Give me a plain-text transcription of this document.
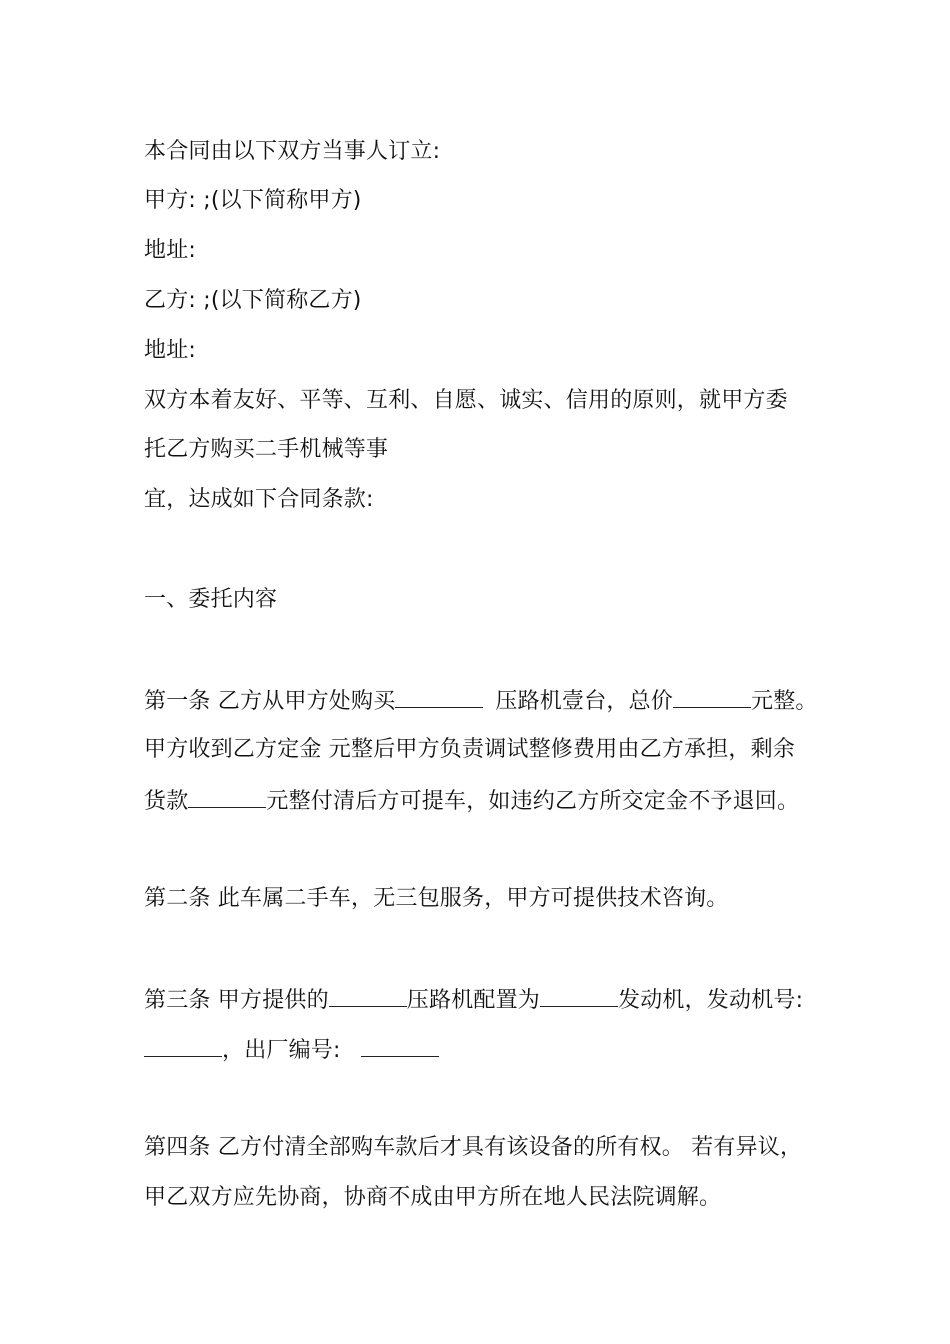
本合同由以下双方当事人订立:
甲方: ;(以下简称甲方)
地址:
乙方: ;(以下简称乙方)
地址:
双方本着友好、平等、互利、自愿、诚实、信用的原则，就甲方委
托乙方购买二手机械等事
宜，达成如下合同条款:
一、委托内容
第一条 乙方从甲方处购买	压路机壹台，总价	元整。
甲方收到乙方定金 元整后甲方负责调试整修费用由乙方承担，剩余
货款	元整付清后方可提车，如违约乙方所交定金不予退回。
第二条 此车属二手车，无三包服务，甲方可提供技术咨询。
第三条 甲方提供的	压路机配置为	发动机，发动机号:
，出厂编号:
第四条 乙方付清全部购车款后才具有该设备的所有权。 若有异议，
甲乙双方应先协商，协商不成由甲方所在地人民法院调解。
